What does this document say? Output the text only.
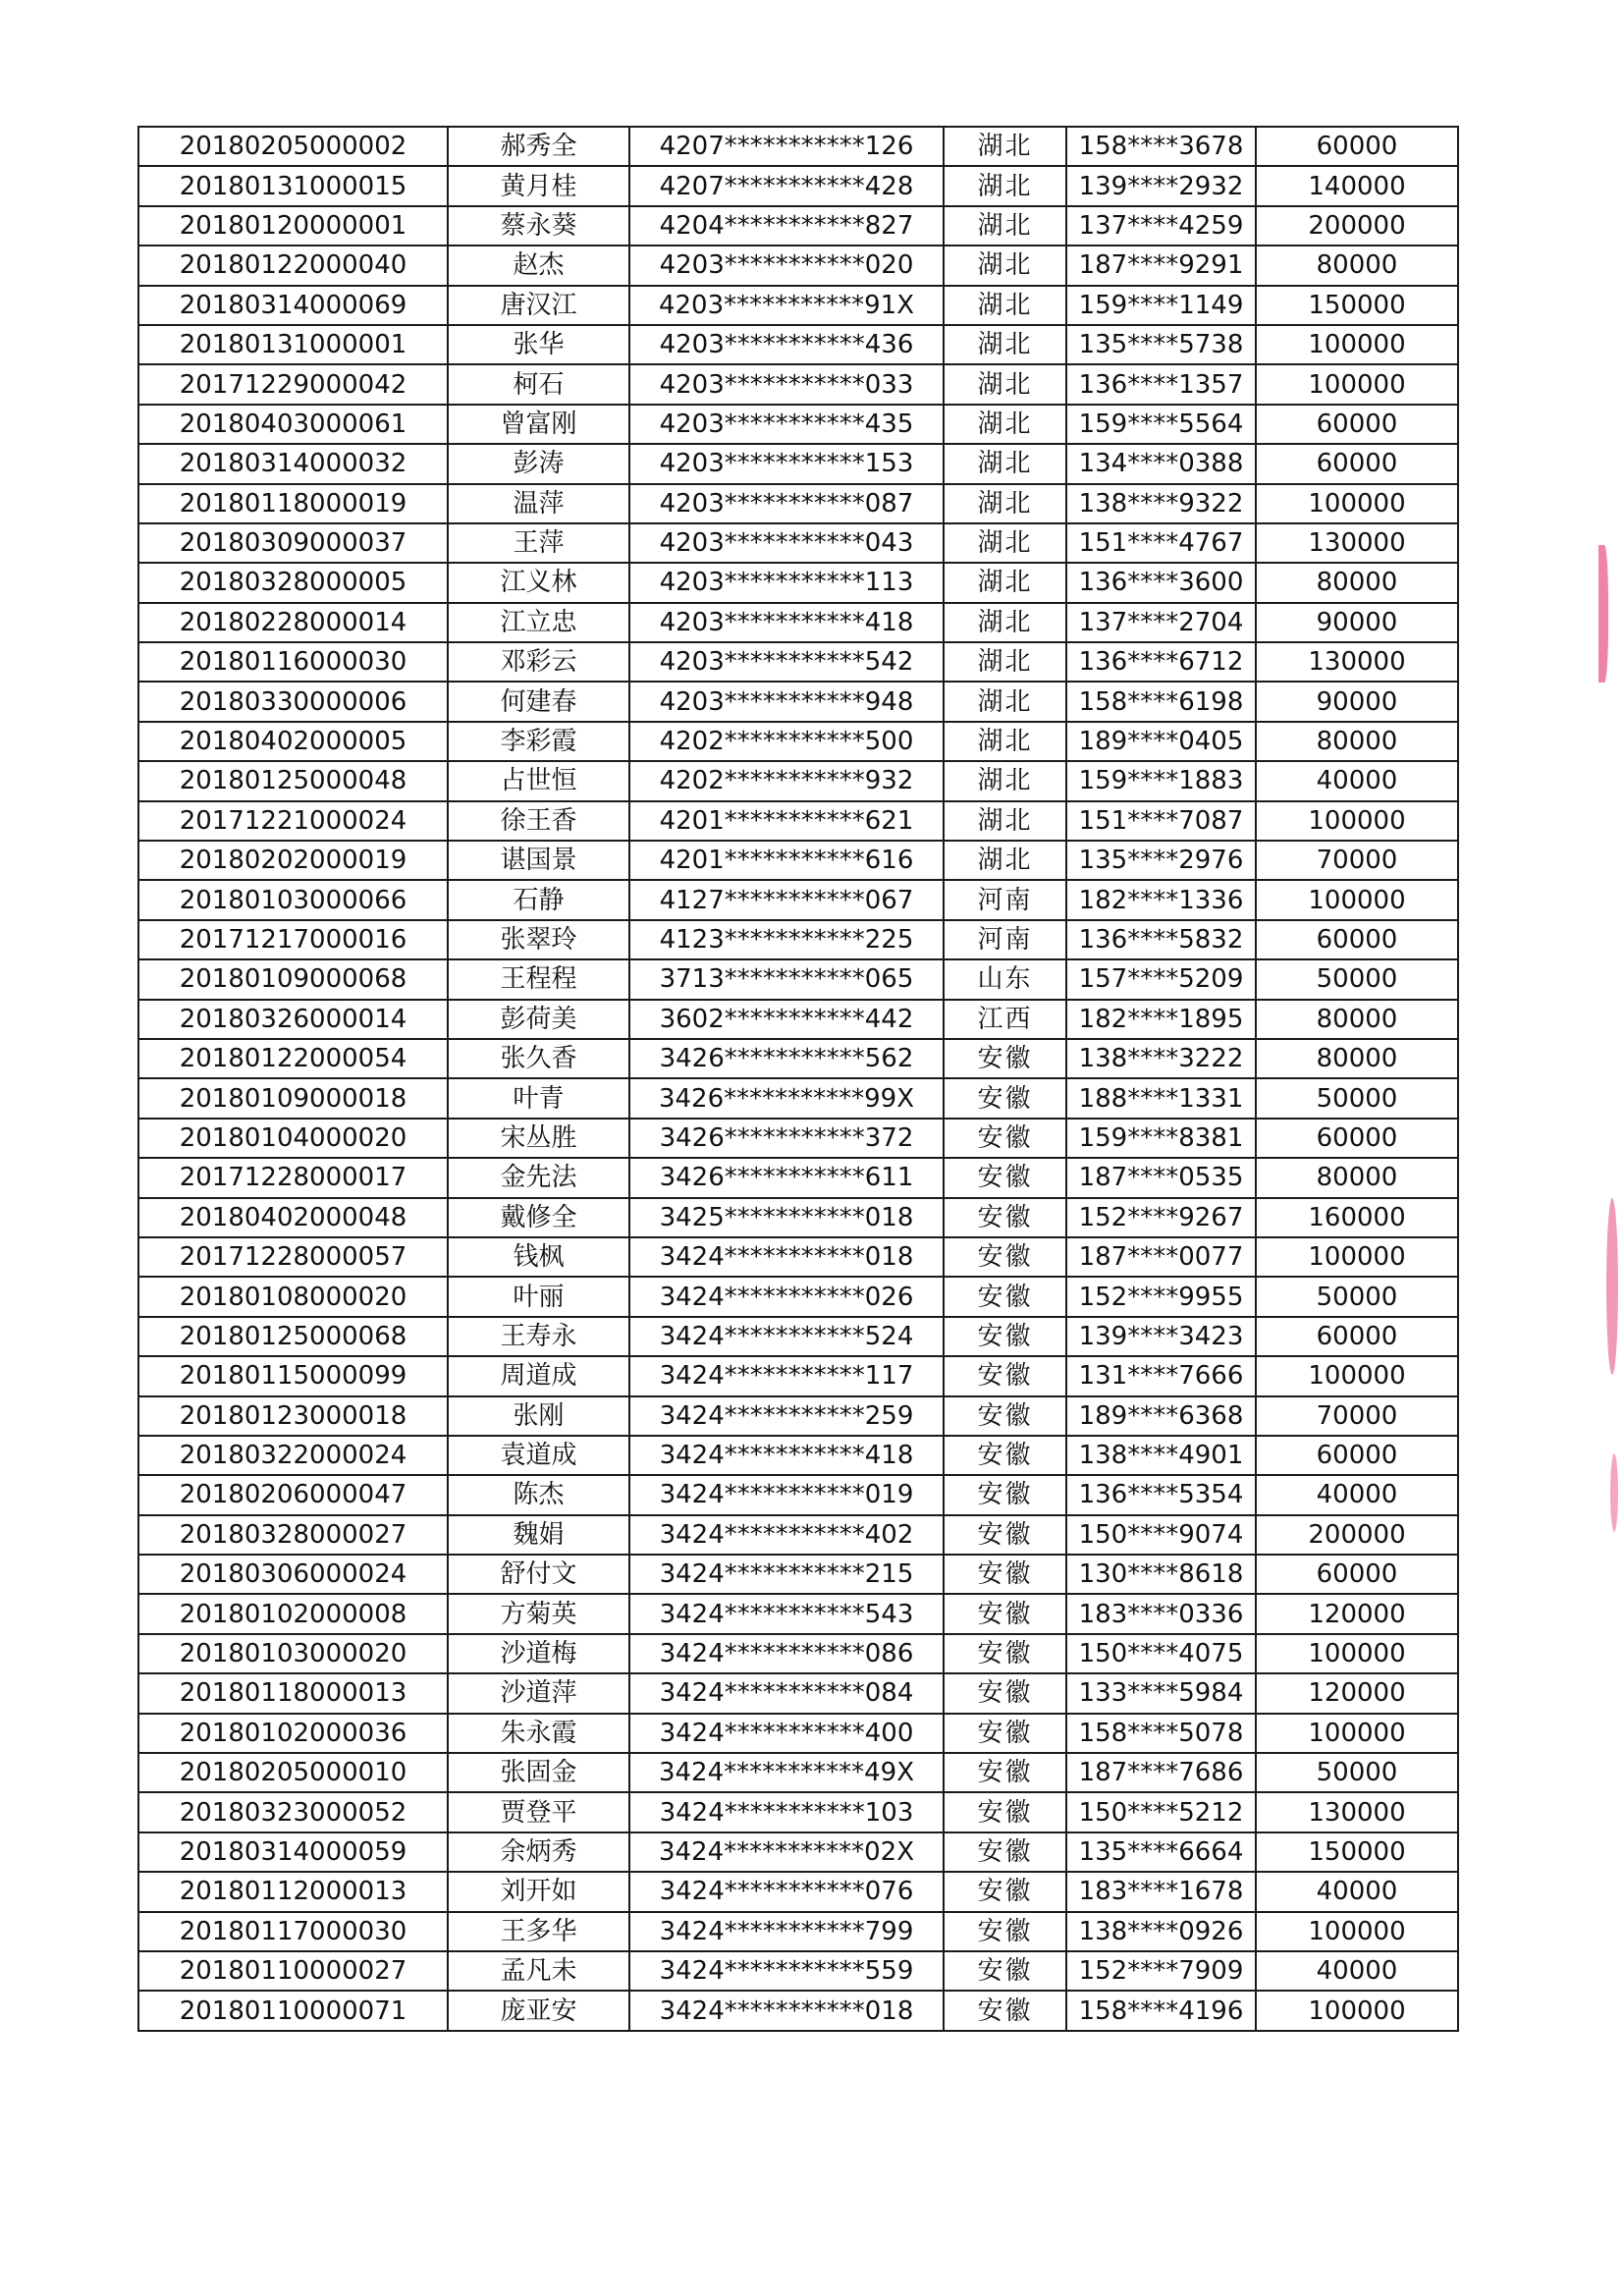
20180205000002	郝秀全	4207***********126	湖北	158****3678	60000
20180131000015	黄月桂	4207***********428	湖北	139****2932	140000
20180120000001	蔡永葵	4204***********827	湖北	137****4259	200000
20180122000040	赵杰	4203***********020	湖北	187****9291	80000
20180314000069	唐汉江	4203***********91X	湖北	159****1149	150000
20180131000001	张华	4203***********436	湖北	135****5738	100000
20171229000042	柯石	4203***********033	湖北	136****1357	100000
20180403000061	曾富刚	4203***********435	湖北	159****5564	60000
20180314000032	彭涛	4203***********153	湖北	134****0388	60000
20180118000019	温萍	4203***********087	湖北	138****9322	100000
20180309000037	王萍	4203***********043	湖北	151****4767	130000
20180328000005	江义林	4203***********113	湖北	136****3600	80000
20180228000014	江立忠	4203***********418	湖北	137****2704	90000
20180116000030	邓彩云	4203***********542	湖北	136****6712	130000
20180330000006	何建春	4203***********948	湖北	158****6198	90000
20180402000005	李彩霞	4202***********500	湖北	189****0405	80000
20180125000048	占世恒	4202***********932	湖北	159****1883	40000
20171221000024	徐王香	4201***********621	湖北	151****7087	100000
20180202000019	谌国景	4201***********616	湖北	135****2976	70000
20180103000066	石静	4127***********067	河南	182****1336	100000
20171217000016	张翠玲	4123***********225	河南	136****5832	60000
20180109000068	王程程	3713***********065	山东	157****5209	50000
20180326000014	彭荷美	3602***********442	江西	182****1895	80000
20180122000054	张久香	3426***********562	安徽	138****3222	80000
20180109000018	叶青	3426***********99X	安徽	188****1331	50000
20180104000020	宋丛胜	3426***********372	安徽	159****8381	60000
20171228000017	金先法	3426***********611	安徽	187****0535	80000
20180402000048	戴修全	3425***********018	安徽	152****9267	160000
20171228000057	钱枫	3424***********018	安徽	187****0077	100000
20180108000020	叶丽	3424***********026	安徽	152****9955	50000
20180125000068	王寿永	3424***********524	安徽	139****3423	60000
20180115000099	周道成	3424***********117	安徽	131****7666	100000
20180123000018	张刚	3424***********259	安徽	189****6368	70000
20180322000024	袁道成	3424***********418	安徽	138****4901	60000
20180206000047	陈杰	3424***********019	安徽	136****5354	40000
20180328000027	魏娟	3424***********402	安徽	150****9074	200000
20180306000024	舒付文	3424***********215	安徽	130****8618	60000
20180102000008	方菊英	3424***********543	安徽	183****0336	120000
20180103000020	沙道梅	3424***********086	安徽	150****4075	100000
20180118000013	沙道萍	3424***********084	安徽	133****5984	120000
20180102000036	朱永霞	3424***********400	安徽	158****5078	100000
20180205000010	张固金	3424***********49X	安徽	187****7686	50000
20180323000052	贾登平	3424***********103	安徽	150****5212	130000
20180314000059	余炳秀	3424***********02X	安徽	135****6664	150000
20180112000013	刘开如	3424***********076	安徽	183****1678	40000
20180117000030	王多华	3424***********799	安徽	138****0926	100000
20180110000027	孟凡未	3424***********559	安徽	152****7909	40000
20180110000071	庞亚安	3424***********018	安徽	158****4196	100000
